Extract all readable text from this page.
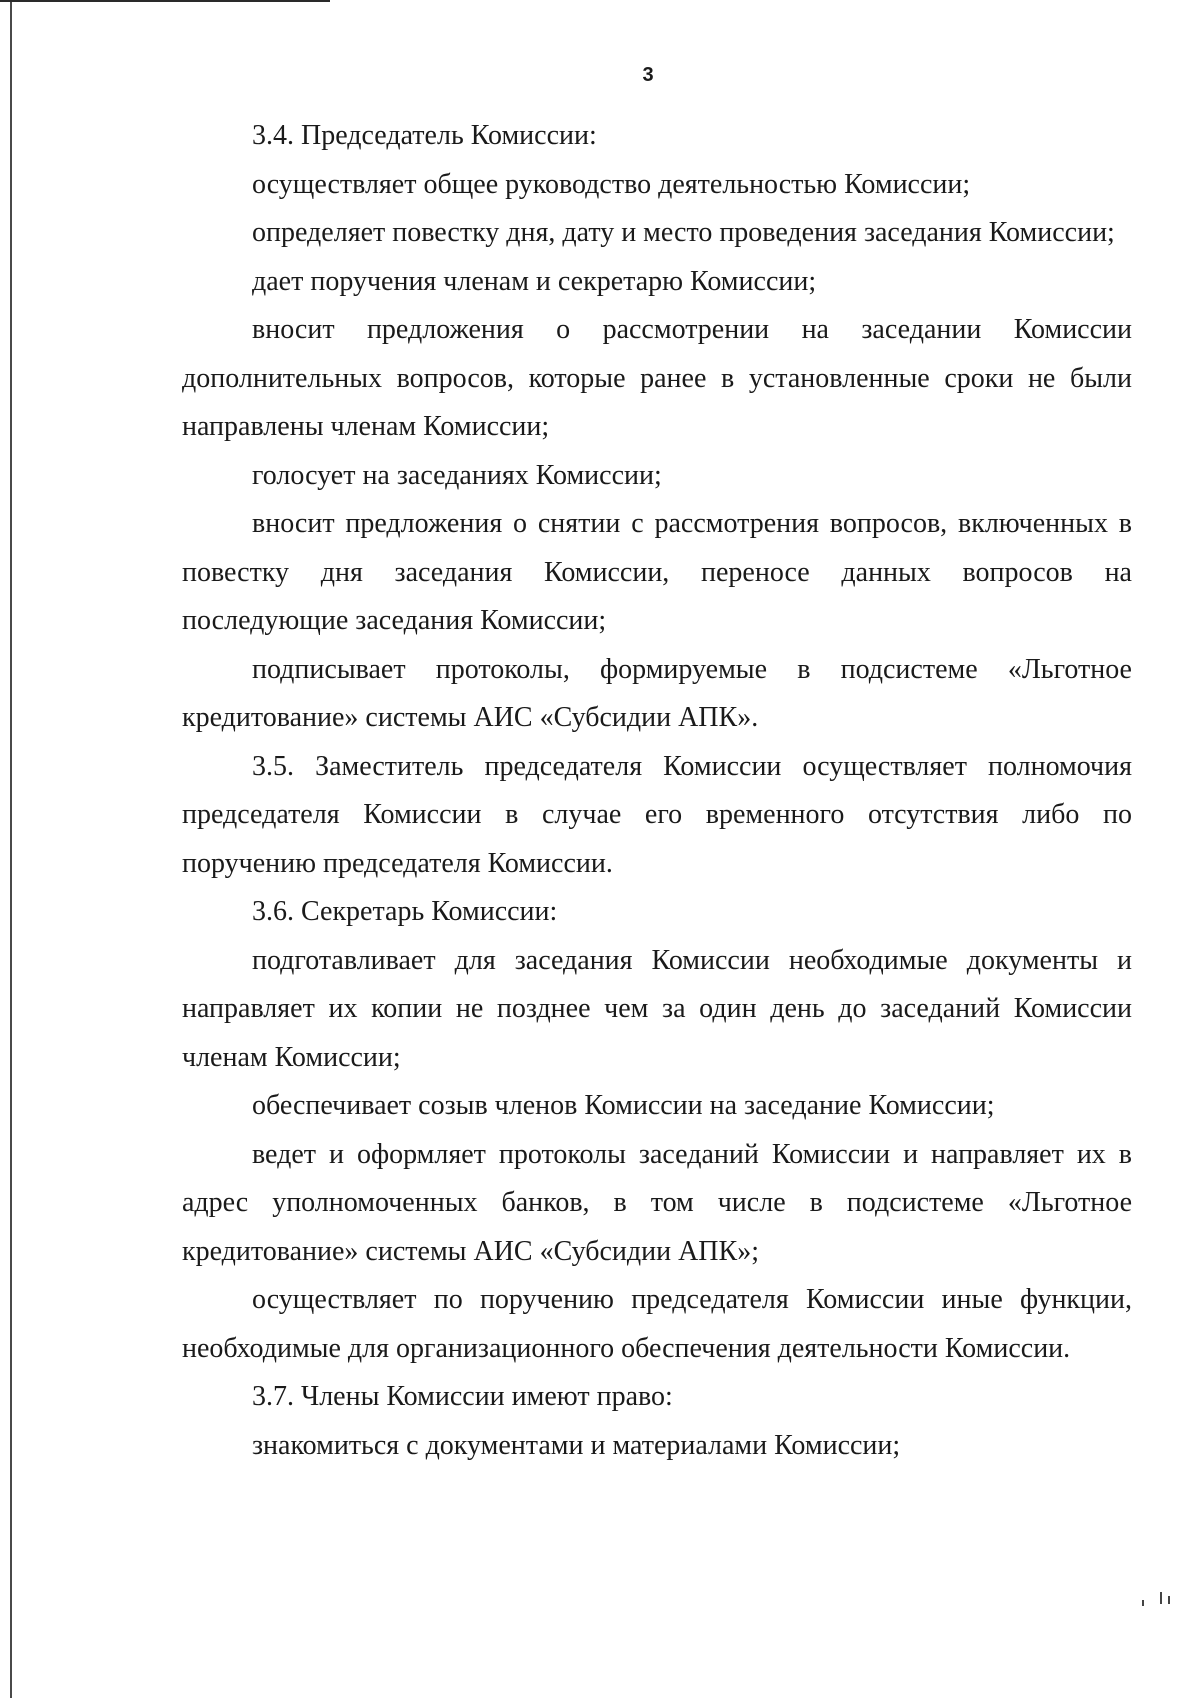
3

3.4. Председатель Комиссии:

осуществляет общее руководство деятельностью Комиссии;

определяет повестку дня, дату и место проведения заседания Комиссии;

дает поручения членам и секретарю Комиссии;

вносит предложения о рассмотрении на заседании Комиссии дополнительных вопросов, которые ранее в установленные сроки не были направлены членам Комиссии;

голосует на заседаниях Комиссии;

вносит предложения о снятии с рассмотрения вопросов, включенных в повестку дня заседания Комиссии, переносе данных вопросов на последующие заседания Комиссии;

подписывает протоколы, формируемые в подсистеме «Льготное кредитование» системы АИС «Субсидии АПК».

3.5. Заместитель председателя Комиссии осуществляет полномочия председателя Комиссии в случае его временного отсутствия либо по поручению председателя Комиссии.

3.6. Секретарь Комиссии:

подготавливает для заседания Комиссии необходимые документы и направляет их копии не позднее чем за один день до заседаний Комиссии членам Комиссии;

обеспечивает созыв членов Комиссии на заседание Комиссии;

ведет и оформляет протоколы заседаний Комиссии и направляет их в адрес уполномоченных банков, в том числе в подсистеме «Льготное кредитование» системы АИС «Субсидии АПК»;

осуществляет по поручению председателя Комиссии иные функции, необходимые для организационного обеспечения деятельности Комиссии.

3.7. Члены Комиссии имеют право:

знакомиться с документами и материалами Комиссии;
